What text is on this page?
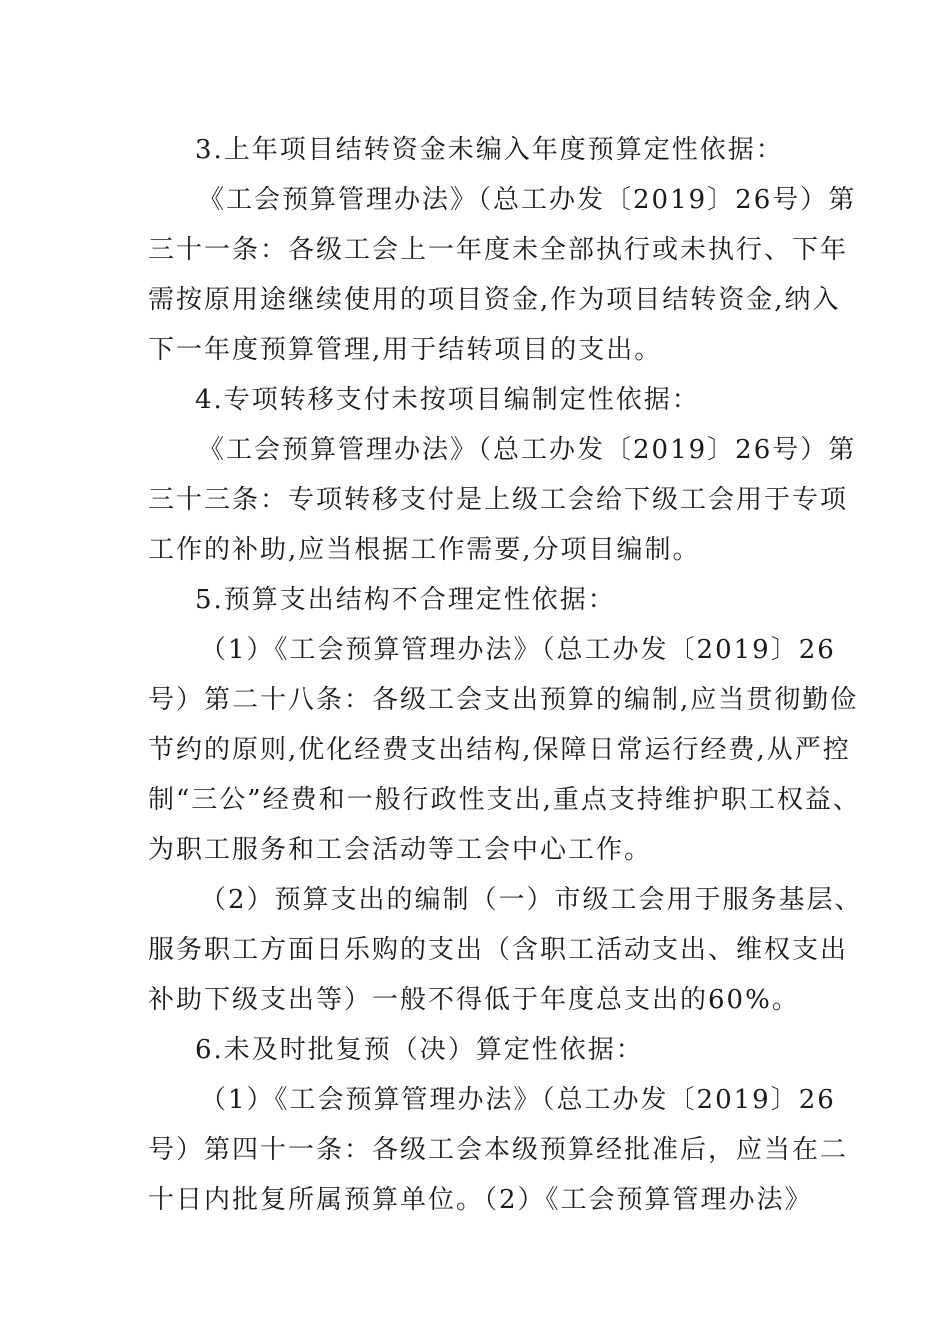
3.上年项目结转资金未编入年度预算定性依据：
《工会预算管理办法》（总工办发〔2019〕26号）第
三十一条：各级工会上一年度未全部执行或未执行、下年
需按原用途继续使用的项目资金,作为项目结转资金,纳入
下一年度预算管理,用于结转项目的支出。
4.专项转移支付未按项目编制定性依据：
《工会预算管理办法》（总工办发〔2019〕26号）第
三十三条：专项转移支付是上级工会给下级工会用于专项
工作的补助,应当根据工作需要,分项目编制。
5.预算支出结构不合理定性依据：
（1）《工会预算管理办法》（总工办发〔2019〕26
号）第二十八条：各级工会支出预算的编制,应当贯彻勤俭
节约的原则,优化经费支出结构,保障日常运行经费,从严控
制“三公”经费和一般行政性支出,重点支持维护职工权益、
为职工服务和工会活动等工会中心工作。
（2）预算支出的编制（一）市级工会用于服务基层、
服务职工方面日乐购的支出（含职工活动支出、维权支出
补助下级支出等）一般不得低于年度总支出的60%。
6.未及时批复预（决）算定性依据：
（1）《工会预算管理办法》（总工办发〔2019〕26
号）第四十一条：各级工会本级预算经批准后，应当在二
十日内批复所属预算单位。（2）《工会预算管理办法》
